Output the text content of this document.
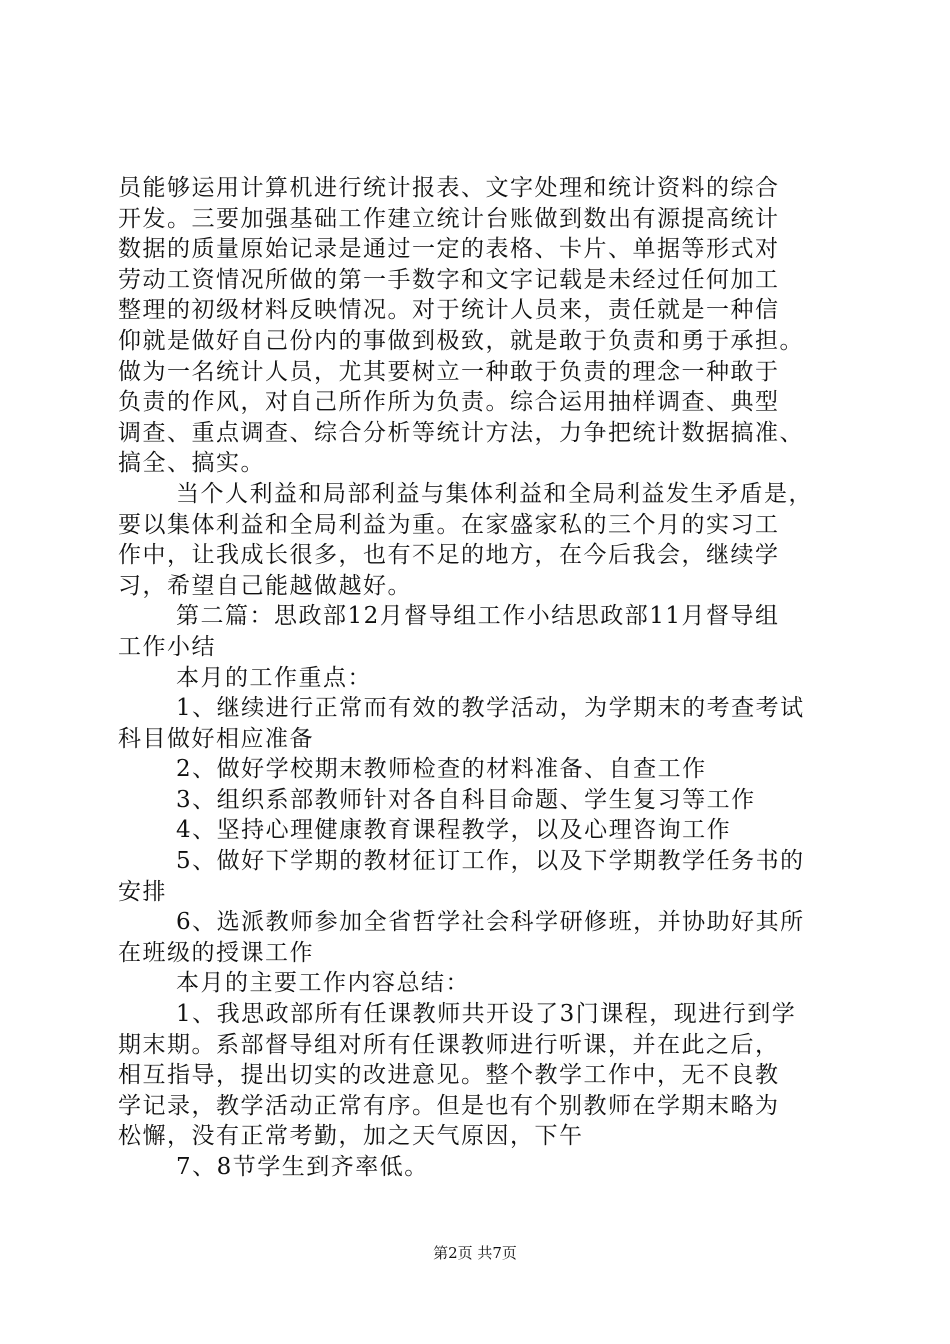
员能够运用计算机进行统计报表、文字处理和统计资料的综合
开发。三要加强基础工作建立统计台账做到数出有源提高统计
数据的质量原始记录是通过一定的表格、卡片、单据等形式对
劳动工资情况所做的第一手数字和文字记载是未经过任何加工
整理的初级材料反映情况。对于统计人员来，责任就是一种信
仰就是做好自己份内的事做到极致，就是敢于负责和勇于承担。
做为一名统计人员，尤其要树立一种敢于负责的理念一种敢于
负责的作风，对自己所作所为负责。综合运用抽样调查、典型
调查、重点调查、综合分析等统计方法，力争把统计数据搞准、
搞全、搞实。
当个人利益和局部利益与集体利益和全局利益发生矛盾是，
要以集体利益和全局利益为重。在家盛家私的三个月的实习工
作中，让我成长很多，也有不足的地方，在今后我会，继续学
习，希望自己能越做越好。
第二篇：思政部12月督导组工作小结思政部11月督导组
工作小结
本月的工作重点：
1、继续进行正常而有效的教学活动，为学期末的考查考试
科目做好相应准备
2、做好学校期末教师检查的材料准备、自查工作
3、组织系部教师针对各自科目命题、学生复习等工作
4、坚持心理健康教育课程教学，以及心理咨询工作
5、做好下学期的教材征订工作，以及下学期教学任务书的
安排
6、选派教师参加全省哲学社会科学研修班，并协助好其所
在班级的授课工作
本月的主要工作内容总结：
1、我思政部所有任课教师共开设了3门课程，现进行到学
期末期。系部督导组对所有任课教师进行听课，并在此之后，
相互指导，提出切实的改进意见。整个教学工作中，无不良教
学记录，教学活动正常有序。但是也有个别教师在学期末略为
松懈，没有正常考勤，加之天气原因，下午
7、8节学生到齐率低。
第2页 共7页
